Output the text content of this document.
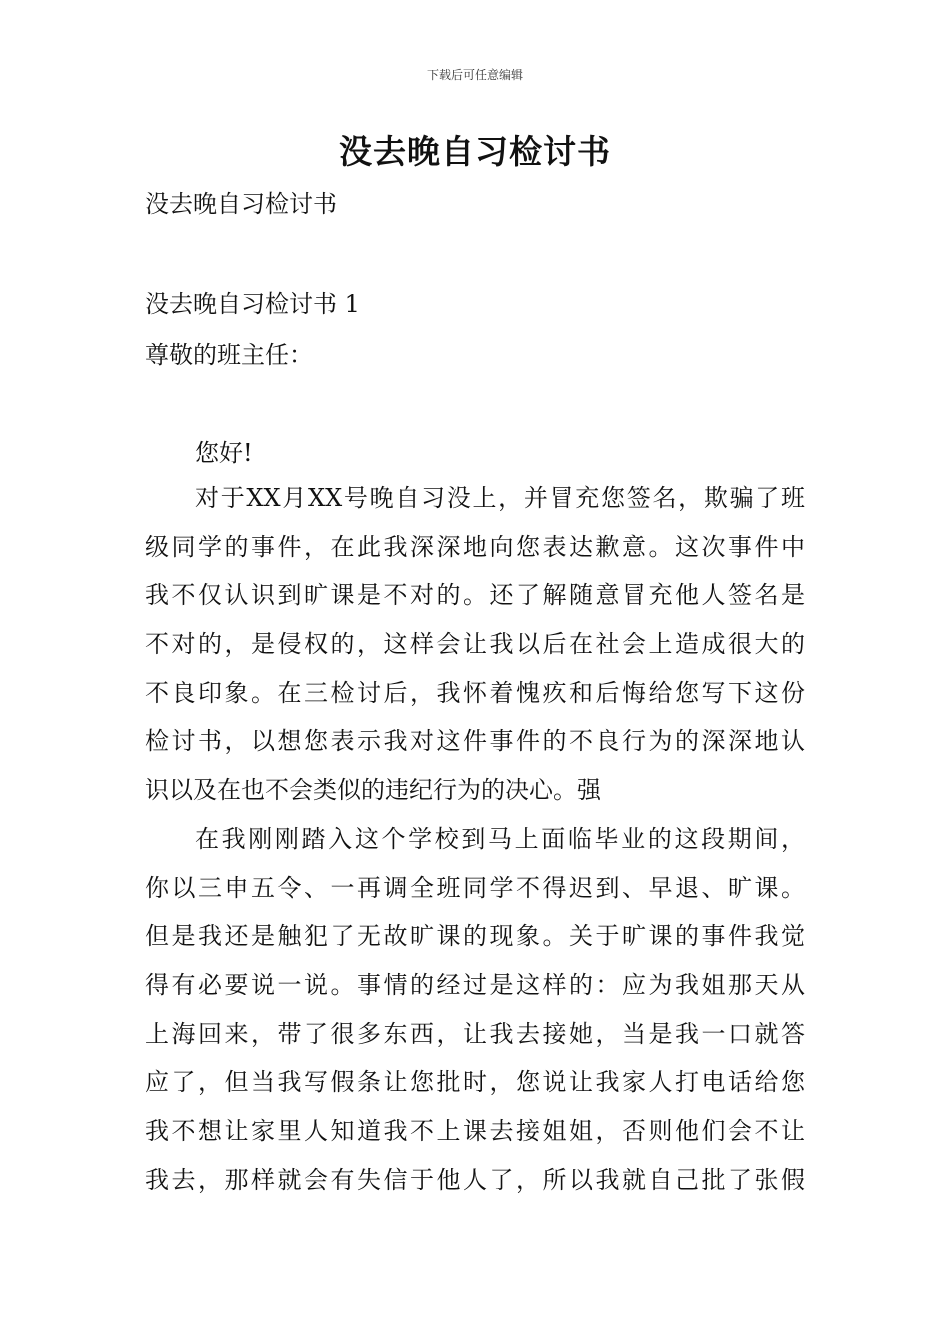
下载后可任意编辑
没去晚自习检讨书
没去晚自习检讨书
没去晚自习检讨书 1
尊敬的班主任：
您好!
对于XX月XX号晚自习没上，并冒充您签名，欺骗了班
级同学的事件，在此我深深地向您表达歉意。这次事件中
我不仅认识到旷课是不对的。还了解随意冒充他人签名是
不对的，是侵权的，这样会让我以后在社会上造成很大的
不良印象。在三检讨后，我怀着愧疚和后悔给您写下这份
检讨书，以想您表示我对这件事件的不良行为的深深地认
识以及在也不会类似的违纪行为的决心。强
在我刚刚踏入这个学校到马上面临毕业的这段期间，
你以三申五令、一再调全班同学不得迟到、早退、旷课。
但是我还是触犯了无故旷课的现象。关于旷课的事件我觉
得有必要说一说。事情的经过是这样的：应为我姐那天从
上海回来，带了很多东西，让我去接她，当是我一口就答
应了，但当我写假条让您批时，您说让我家人打电话给您
我不想让家里人知道我不上课去接姐姐，否则他们会不让
我去，那样就会有失信于他人了，所以我就自己批了张假
